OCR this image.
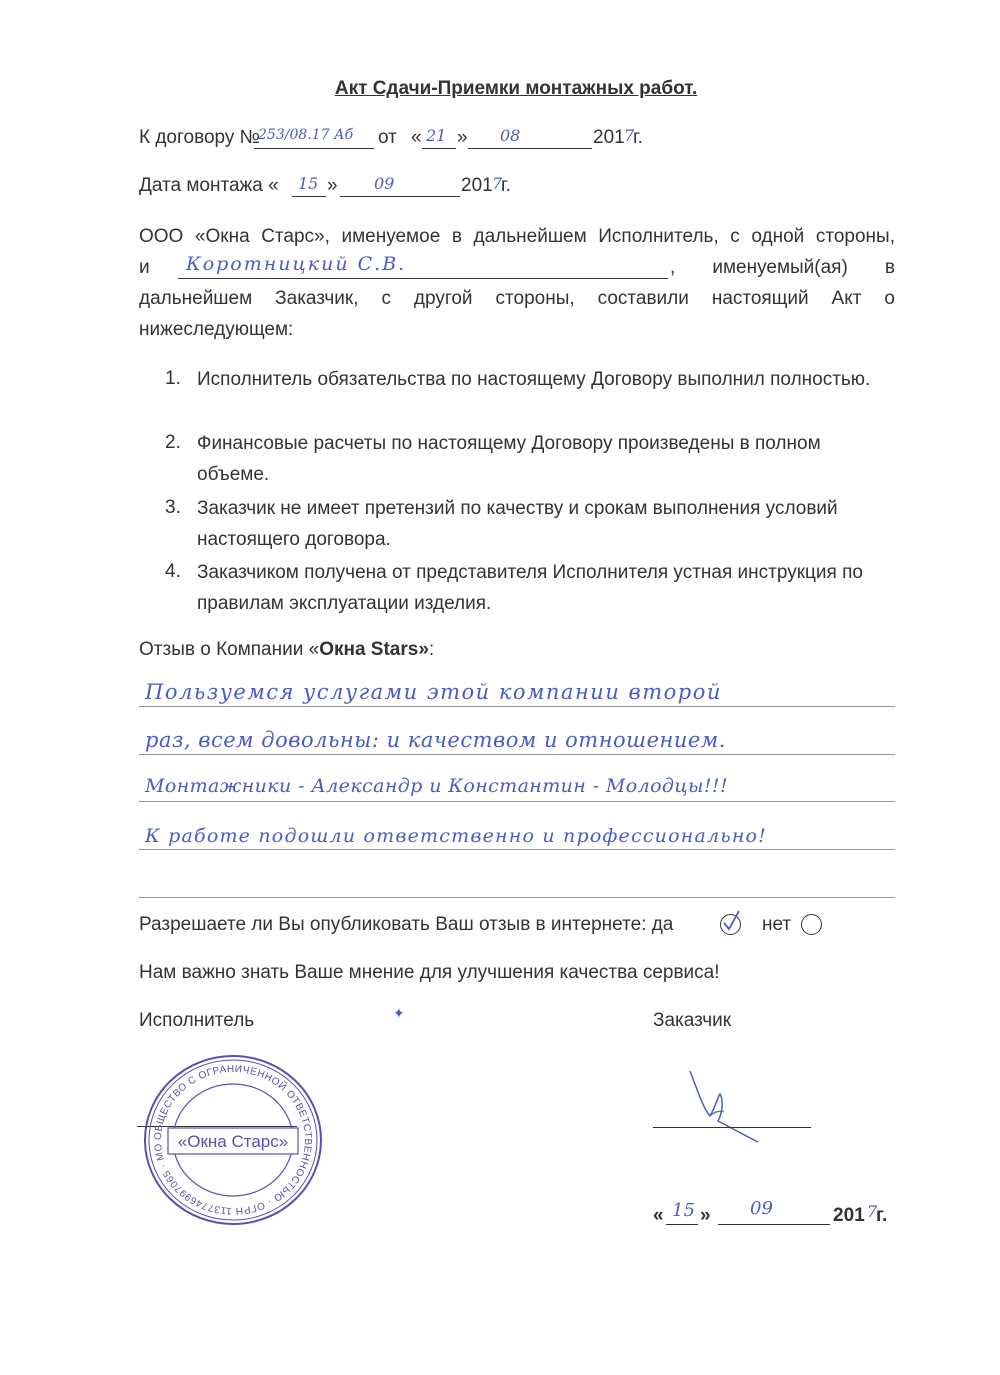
Акт Сдачи-Приемки монтажных работ.
К договору №
253/08.17 Аб от « 21 » 08	201 7
г.
Дата монтажа « 15 » 09	201 7
г.
ООО «Окна Старс», именуемое в дальнейшем Исполнитель, с одной стороны,
и Коротницкий С.В.	, именуемый(ая) в
дальнейшем Заказчик, с другой стороны, составили настоящий Акт о
нижеследующем:
1. Исполнитель обязательства по настоящему Договору выполнил полностью.
2. Финансовые расчеты по настоящему Договору произведены в полном объеме.
3. Заказчик не имеет претензий по качеству и срокам выполнения условий настоящего договора.
4. Заказчиком получена от представителя Исполнителя устная инструкция по правилам эксплуатации изделия.
Отзыв о Компании «Окна Stars»:
Пользуемся услугами этой компании второй
раз, всем довольны: и качеством и отношением.
Монтажники - Александр и Константин - Молодцы!!!
К работе подошли ответственно и профессионально!
Разрешаете ли Вы опубликовать Ваш отзыв в интернете: да	нет
Нам важно знать Ваше мнение для улучшения качества сервиса!
Исполнитель	Заказчик
✦
ОБЩЕСТВО С ОГРАНИЧЕННОЙ ОТВЕТСТВЕННОСТЬЮ · ОГРН 1137746997065 · МО «Окна Старс»
« 15 » 09	201 7
г.
